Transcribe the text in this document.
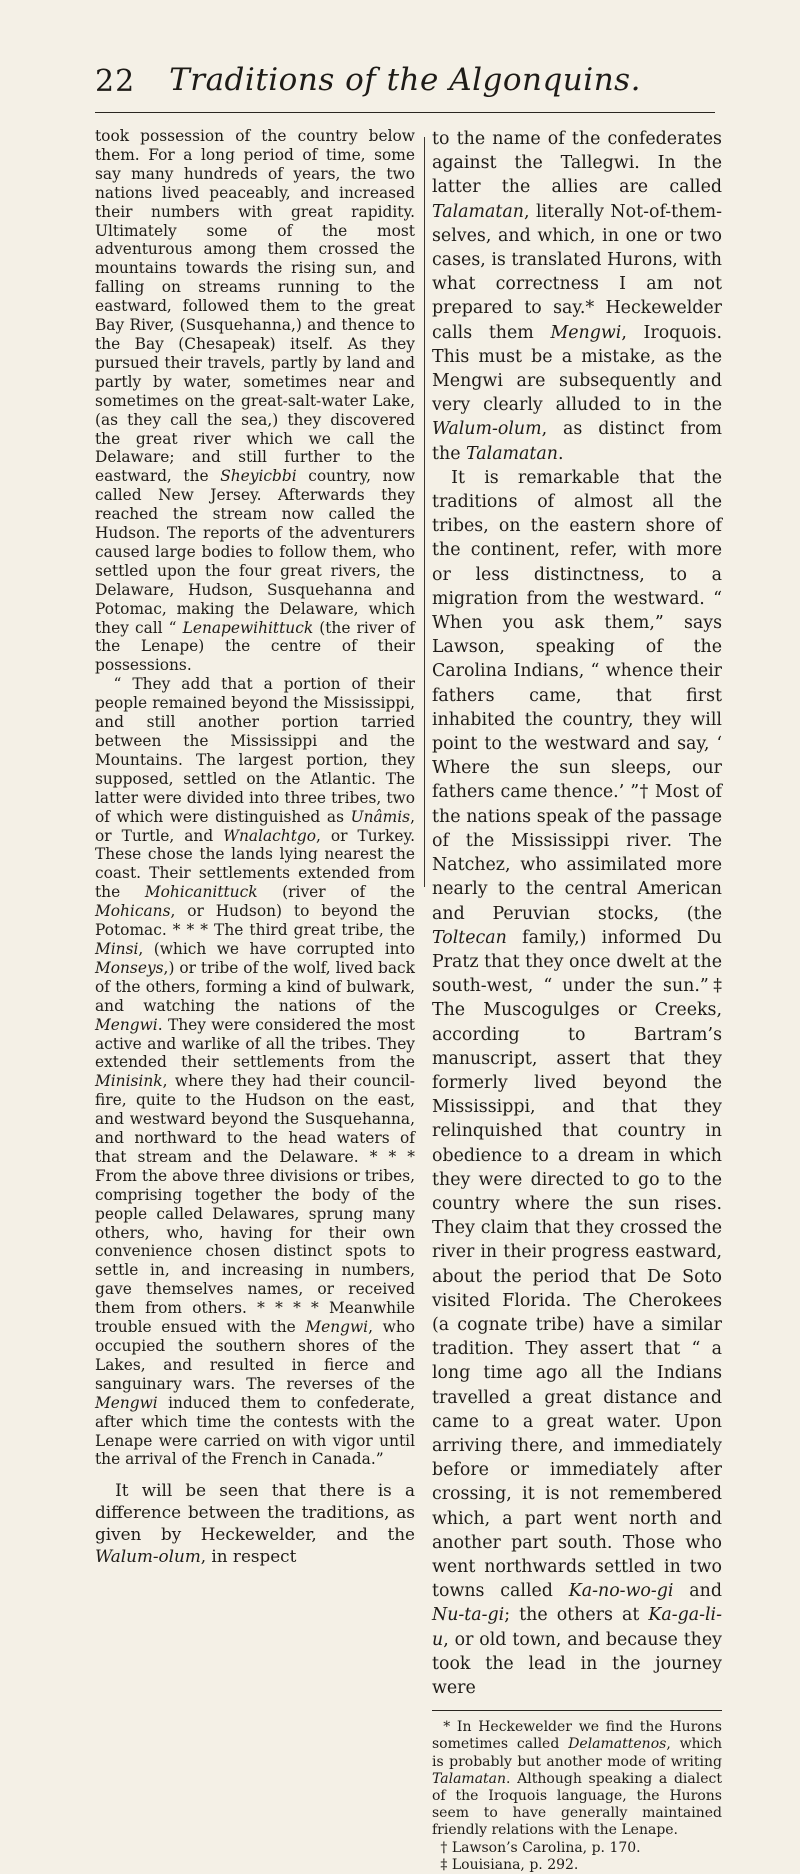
22	Traditions of the Algonquins.

took possession of the country below them. For a long period of time, some say many hundreds of years, the two nations lived peaceably, and increased their numbers with great rapidity. Ultimately some of the most adventurous among them crossed the mountains towards the rising sun, and falling on streams running to the eastward, followed them to the great Bay River, (Susquehanna,) and thence to the Bay (Chesapeak) itself. As they pursued their travels, partly by land and partly by water, sometimes near and sometimes on the great-salt-water Lake, (as they call the sea,) they discovered the great river which we call the Delaware; and still further to the eastward, the Sheyicbbi country, now called New Jersey. Afterwards they reached the stream now called the Hudson. The reports of the adventurers caused large bodies to follow them, who settled upon the four great rivers, the Delaware, Hudson, Susquehanna and Potomac, making the Delaware, which they call “ Lenapewihittuck (the river of the Lenape) the centre of their possessions.

“ They add that a portion of their people remained beyond the Mississippi, and still another portion tarried between the Mississippi and the Mountains. The largest portion, they supposed, settled on the Atlantic. The latter were divided into three tribes, two of which were distinguished as Unâmis, or Turtle, and Wnalachtgo, or Turkey. These chose the lands lying nearest the coast. Their settlements extended from the Mohicanittuck (river of the Mohicans, or Hudson) to beyond the Potomac. * * * The third great tribe, the Minsi, (which we have corrupted into Monseys,) or tribe of the wolf, lived back of the others, forming a kind of bulwark, and watching the nations of the Mengwi. They were considered the most active and warlike of all the tribes. They extended their settlements from the Minisink, where they had their council-fire, quite to the Hudson on the east, and westward beyond the Susquehanna, and northward to the head waters of that stream and the Delaware. * * * From the above three divisions or tribes, comprising together the body of the people called Delawares, sprung many others, who, having for their own convenience chosen distinct spots to settle in, and increasing in numbers, gave themselves names, or received them from others. * * * * Meanwhile trouble ensued with the Mengwi, who occupied the southern shores of the Lakes, and resulted in fierce and sanguinary wars. The reverses of the Mengwi induced them to confederate, after which time the contests with the Lenape were carried on with vigor until the arrival of the French in Canada.”

It will be seen that there is a difference between the traditions, as given by Heckewelder, and the Walum-olum, in respect

to the name of the confederates against the Tallegwi. In the latter the allies are called Talamatan, literally Not-of-them-selves, and which, in one or two cases, is translated Hurons, with what correctness I am not prepared to say.* Heckewelder calls them Mengwi, Iroquois. This must be a mistake, as the Mengwi are subsequently and very clearly alluded to in the Walum-olum, as distinct from the Talamatan.

It is remarkable that the traditions of almost all the tribes, on the eastern shore of the continent, refer, with more or less distinctness, to a migration from the westward. “ When you ask them,” says Lawson, speaking of the Carolina Indians, “ whence their fathers came, that first inhabited the country, they will point to the westward and say, ‘ Where the sun sleeps, our fathers came thence.’ ”† Most of the nations speak of the passage of the Mississippi river. The Natchez, who assimilated more nearly to the central American and Peruvian stocks, (the Toltecan family,) informed Du Pratz that they once dwelt at the south-west, “ under the sun.”‡ The Muscogulges or Creeks, according to Bartram’s manuscript, assert that they formerly lived beyond the Mississippi, and that they relinquished that country in obedience to a dream in which they were directed to go to the country where the sun rises. They claim that they crossed the river in their progress eastward, about the period that De Soto visited Florida. The Cherokees (a cognate tribe) have a similar tradition. They assert that “ a long time ago all the Indians travelled a great distance and came to a great water. Upon arriving there, and immediately before or immediately after crossing, it is not remembered which, a part went north and another part south. Those who went northwards settled in two towns called Ka-no-wo-gi and Nu-ta-gi; the others at Ka-ga-li-u, or old town, and because they took the lead in the journey were

* In Heckewelder we find the Hurons sometimes called Delamattenos, which is probably but another mode of writing Talamatan. Although speaking a dialect of the Iroquois language, the Hurons seem to have generally maintained friendly relations with the Lenape.

† Lawson’s Carolina, p. 170.

‡ Louisiana, p. 292.
